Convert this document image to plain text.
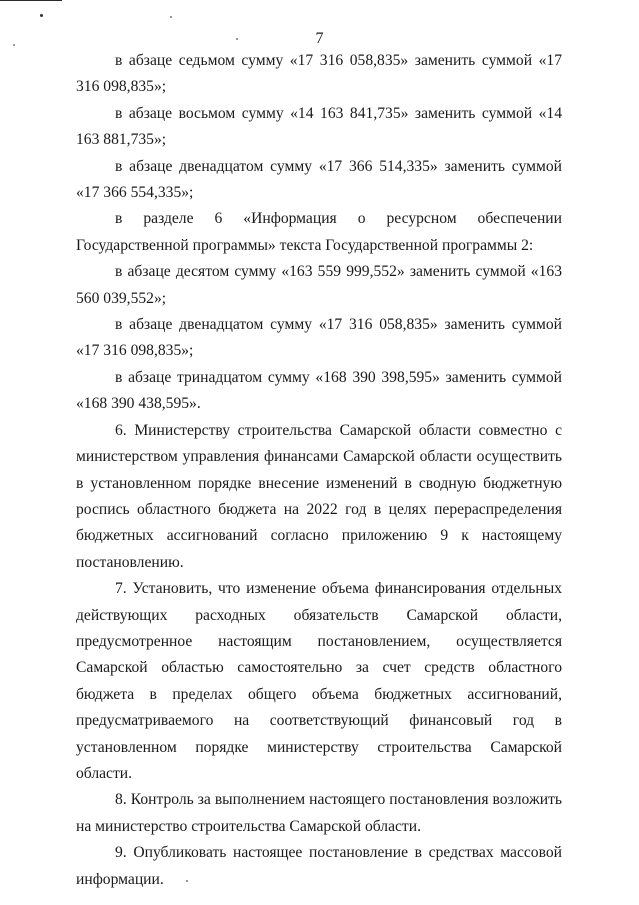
7

в абзаце седьмом сумму «17 316 058,835» заменить суммой «17 316 098,835»;

в абзаце восьмом сумму «14 163 841,735» заменить суммой «14 163 881,735»;

в абзаце двенадцатом сумму «17 366 514,335» заменить суммой «17 366 554,335»;

в разделе 6 «Информация о ресурсном обеспечении Государственной программы» текста Государственной программы 2:

в абзаце десятом сумму «163 559 999,552» заменить суммой «163 560 039,552»;

в абзаце двенадцатом сумму «17 316 058,835» заменить суммой «17 316 098,835»;

в абзаце тринадцатом сумму «168 390 398,595» заменить суммой «168 390 438,595».

6. Министерству строительства Самарской области совместно с министерством управления финансами Самарской области осуществить в установленном порядке внесение изменений в сводную бюджетную роспись областного бюджета на 2022 год в целях перераспределения бюджетных ассигнований согласно приложению 9 к настоящему постановлению.

7. Установить, что изменение объема финансирования отдельных действующих расходных обязательств Самарской области, предусмотренное настоящим постановлением, осуществляется Самарской областью самостоятельно за счет средств областного бюджета в пределах общего объема бюджетных ассигнований, предусматриваемого на соответствующий финансовый год в установленном порядке министерству строительства Самарской области.

8. Контроль за выполнением настоящего постановления возложить на министерство строительства Самарской области.

9. Опубликовать настоящее постановление в средствах массовой информации.
